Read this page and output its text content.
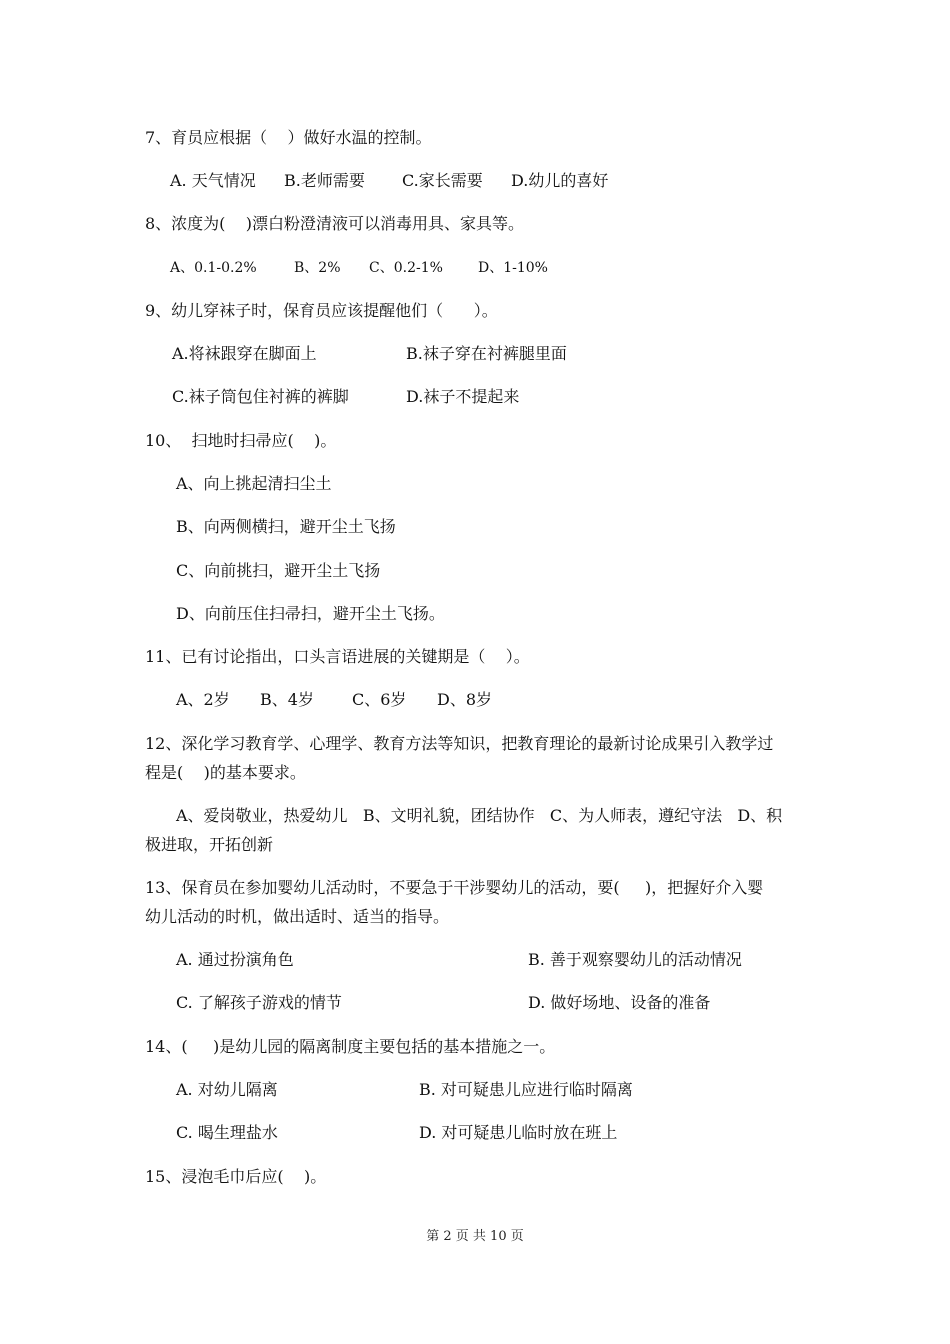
7、育员应根据（    ）做好水温的控制。
A. 天气情况 B.老师需要 C.家长需要 D.幼儿的喜好
8、浓度为(    )漂白粉澄清液可以消毒用具、家具等。
A、0.1-0.2%	B、2% C、0.2-1%	D、1-10%
9、幼儿穿袜子时，保育员应该提醒他们（      ）。
A.将袜跟穿在脚面上	B.袜子穿在衬裤腿里面
C.袜子筒包住衬裤的裤脚	D.袜子不提起来
10、  扫地时扫帚应(    )。
A、向上挑起清扫尘土
B、向两侧横扫，避开尘土飞扬
C、向前挑扫，避开尘土飞扬
D、向前压住扫帚扫，避开尘土飞扬。
11、已有讨论指出，口头言语进展的关键期是（    ）。
A、2岁 B、4岁 C、6岁 D、8岁
12、深化学习教育学、心理学、教育方法等知识，把教育理论的最新讨论成果引入教学过
程是(    )的基本要求。
A、爱岗敬业，热爱幼儿   B、文明礼貌，团结协作   C、为人师表，遵纪守法   D、积
极进取，开拓创新
13、保育员在参加婴幼儿活动时，不要急于干涉婴幼儿的活动，要(     )，把握好介入婴
幼儿活动的时机，做出适时、适当的指导。
A. 通过扮演角色	B. 善于观察婴幼儿的活动情况
C. 了解孩子游戏的情节	D. 做好场地、设备的准备
14、(     )是幼儿园的隔离制度主要包括的基本措施之一。
A. 对幼儿隔离	B. 对可疑患儿应进行临时隔离
C. 喝生理盐水	D. 对可疑患儿临时放在班上
15、浸泡毛巾后应(    )。
第 2 页 共 10 页
